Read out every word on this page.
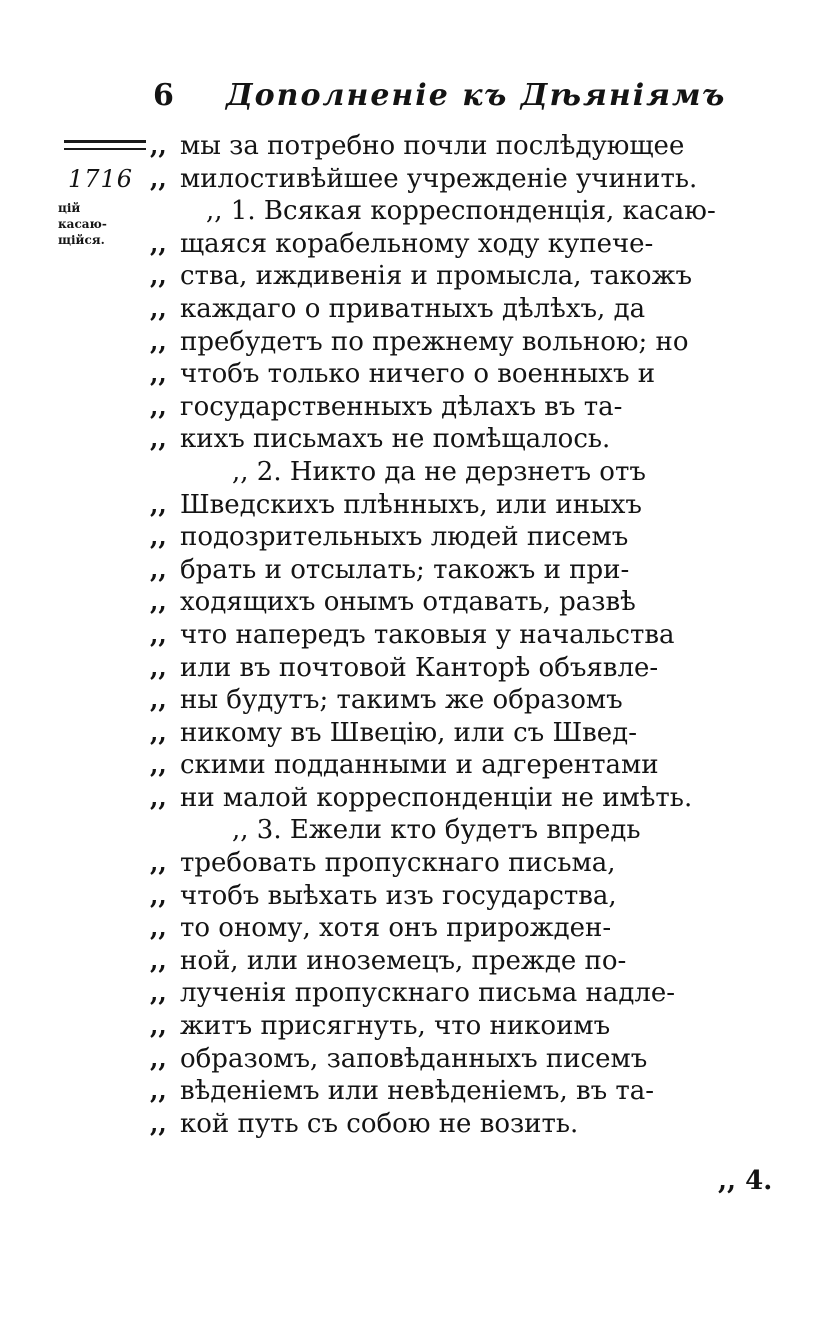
6 Дополненіе къ Дѣяніямъ
1716
цій
касаю-
щійся.
,, мы за потребно почли послѣдующее
,, милостивѣйшее учрежденіе учинить.
,, 1. Всякая корреспонденція, касаю-
,, щаяся корабельному ходу купече-
,, ства, иждивенія и промысла, такожъ
,, каждаго о приватныхъ дѣлѣхъ, да
,, пребудетъ по прежнему вольною; но
,, чтобъ только ничего о военныхъ и
,, государственныхъ дѣлахъ въ та-
,, кихъ письмахъ не помѣщалось.
,, 2. Никто да не дерзнетъ отъ
,, Шведскихъ плѣнныхъ, или иныхъ
,, подозрительныхъ людей писемъ
,, брать и отсылать; такожъ и при-
,, ходящихъ онымъ отдавать, развѣ
,, что напередъ таковыя у начальства
,, или въ почтовой Канторѣ объявле-
,, ны будутъ; такимъ же образомъ
,, никому въ Швецію, или съ Швед-
,, скими подданными и адгерентами
,, ни малой корреспонденціи не имѣть.
,, 3. Ежели кто будетъ впредь
,, требовать пропускнаго письма,
,, чтобъ выѣхать изъ государства,
,, то оному, хотя онъ прирожден-
,, ной, или иноземецъ, прежде по-
,, лученія пропускнаго письма надле-
,, житъ присягнуть, что никоимъ
,, образомъ, заповѣданныхъ писемъ
,, вѣденіемъ или невѣденіемъ, въ та-
,, кой путь съ собою не возить.
,, 4.
